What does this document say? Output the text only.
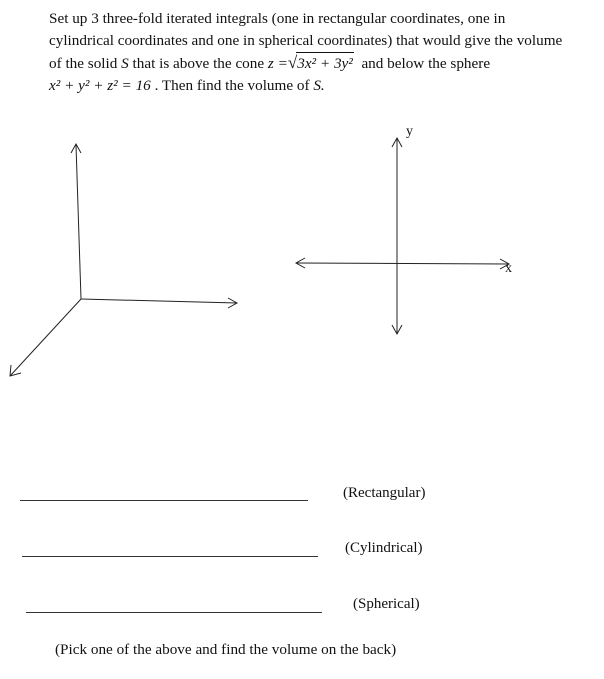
Set up 3 three-fold iterated integrals (one in rectangular coordinates, one in
cylindrical coordinates and one in spherical coordinates) that would give the volume
of the solid S that is above the cone z =√3x² + 3y² and below the sphere
x² + y² + z² = 16 . Then find the volume of S.
y
x
(Rectangular)
(Cylindrical)
(Spherical)
(Pick one of the above and find the volume on the back)
